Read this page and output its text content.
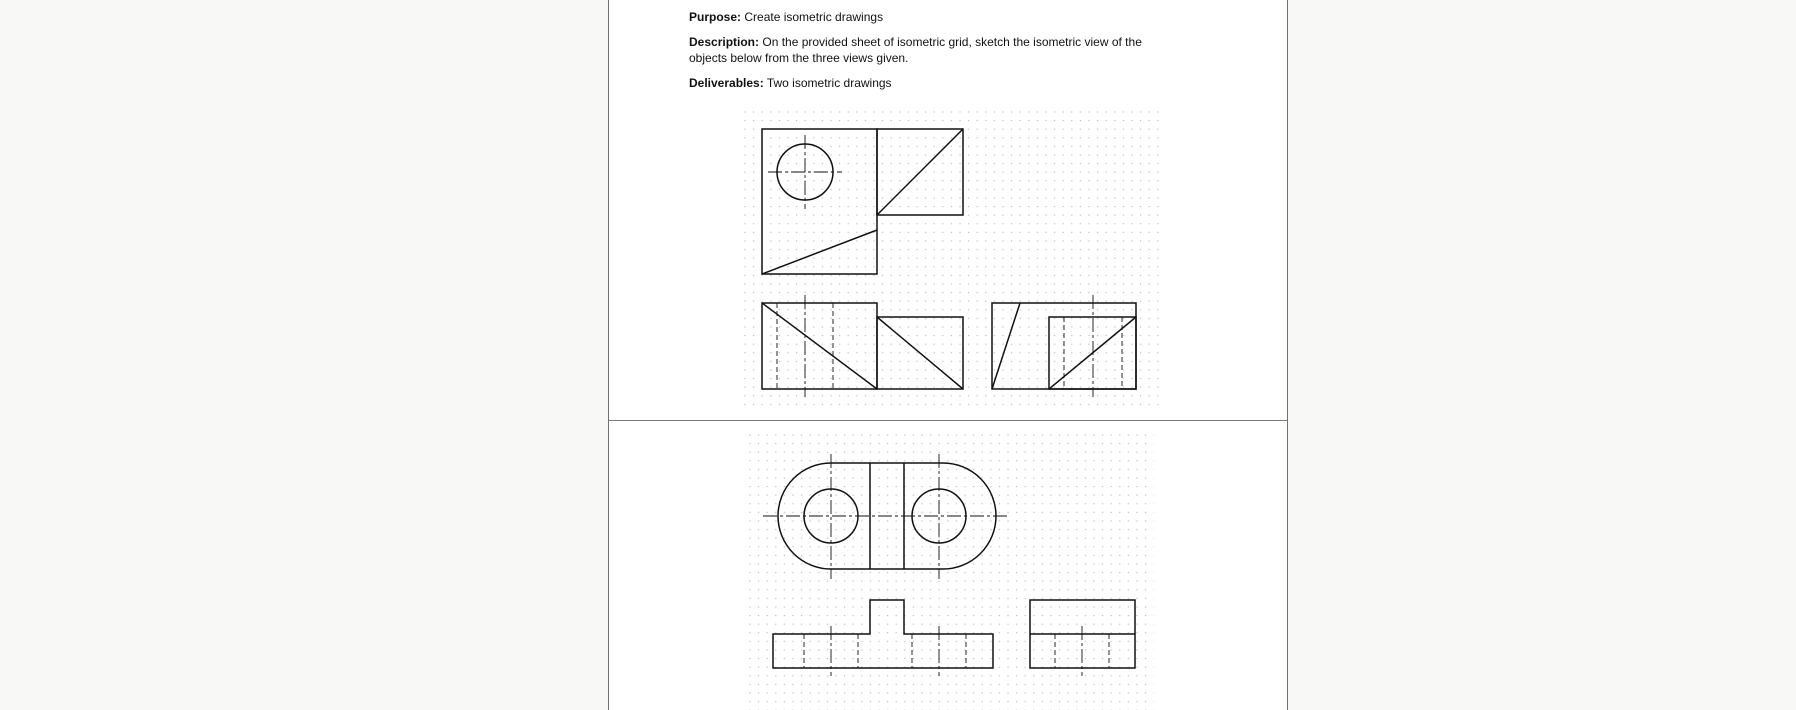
Purpose: Create isometric drawings

Description: On the provided sheet of isometric grid, sketch the isometric view of the objects below from the three views given.

Deliverables: Two isometric drawings
